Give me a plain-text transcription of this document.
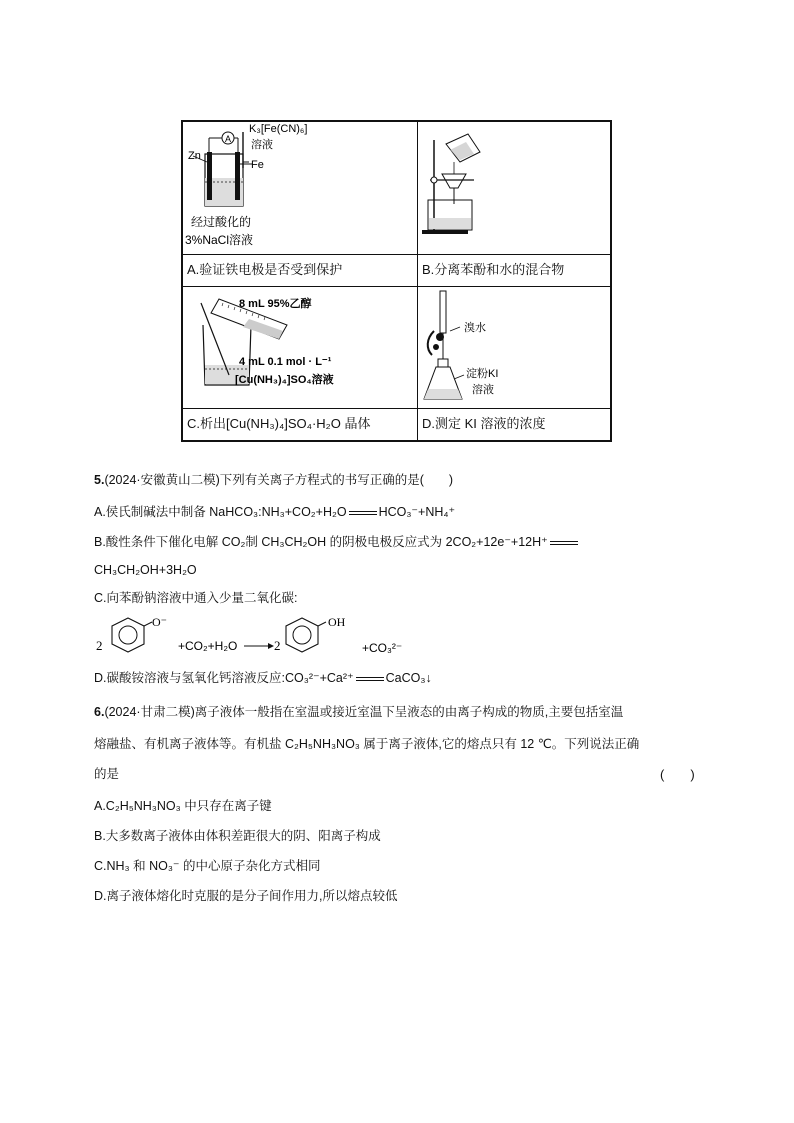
Zn
A
Fe
K₃[Fe(CN)₆]
溶液
经过酸化的
3%NaCl溶液
A.验证铁电极是否受到保护	B.分离苯酚和水的混合物
8 mL 95%乙醇
4 mL 0.1 mol · L⁻¹
[Cu(NH₃)₄]SO₄溶液
溴水
淀粉KI
溶液
C.析出[Cu(NH₃)₄]SO₄·H₂O 晶体	D.测定 KI 溶液的浓度
5.(2024·安徽黄山二模)下列有关离子方程式的书写正确的是(　　)
A.侯氏制碱法中制备 NaHCO₃:NH₃+CO₂+H₂O	HCO₃⁻+NH₄⁺
B.酸性条件下催化电解 CO₂制 CH₃CH₂OH 的阴极电极反应式为 2CO₂+12e⁻+12H⁺
CH₃CH₂OH+3H₂O
C.向苯酚钠溶液中通入少量二氧化碳:
2
O⁻
+CO₂+H₂O	2
OH
+CO₃²⁻
D.碳酸铵溶液与氢氧化钙溶液反应:CO₃²⁻+Ca²⁺	CaCO₃↓
6.(2024·甘肃二模)离子液体一般指在室温或接近室温下呈液态的由离子构成的物质,主要包括室温
熔融盐、有机离子液体等。有机盐 C₂H₅NH₃NO₃ 属于离子液体,它的熔点只有 12 ℃。下列说法正确
的是	(　　)
A.C₂H₅NH₃NO₃ 中只存在离子键
B.大多数离子液体由体积差距很大的阴、阳离子构成
C.NH₃ 和 NO₃⁻ 的中心原子杂化方式相同
D.离子液体熔化时克服的是分子间作用力,所以熔点较低
